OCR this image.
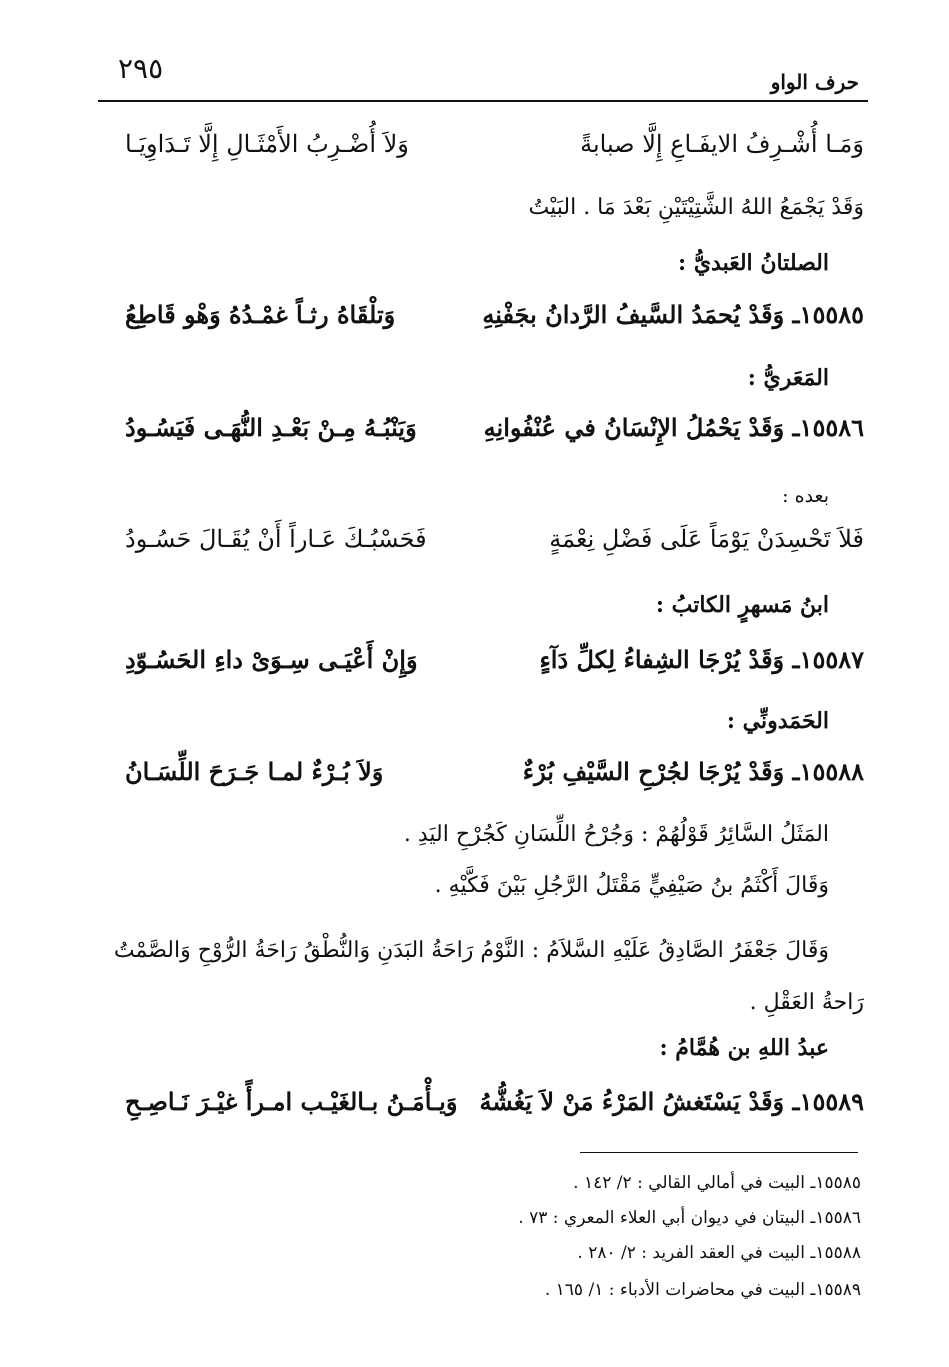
٢٩٥	حرف الواو
وَمَـا أُشْـرِفُ الايفَـاعِ إِلَّا صبابةً
وَلاَ أُضْـرِبُ الأَمْثَـالِ إِلَّا تَـدَاوِيَـا
وَقَدْ يَجْمَعُ اللهُ الشَّتِيْتَيْنِ بَعْدَ مَا . البَيْتُ
الصلتانُ العَبديُّ :
١٥٥٨٥ـ وَقَدْ يُحمَدُ السَّيفُ الرَّدانُ بجَفْنِهِ
وَتلْقَاهُ رثـاً غمْـدُهُ وَهْو قَاطِعُ
المَعَريُّ :
١٥٥٨٦ـ وَقَدْ يَحْمُلُ الإِنْسَانُ في عُنْفُوانِهِ
وَيَنْبُـهُ مِـنْ بَعْـدِ النُّهَـى فَيَسُـودُ
بعده :
فَلاَ تَحْسِدَنْ يَوْمَاً عَلَى فَضْلِ نِعْمَةٍ
فَحَسْبُـكَ عَـاراً أَنْ يُقَـالَ حَسُـودُ
ابنُ مَسهرٍ الكاتبُ :
١٥٥٨٧ـ وَقَدْ يُرْجَا الشِفاءُ لِكلِّ دَآءٍ
وَإِنْ أَعْيَـى سِـوَىْ داءِ الحَسُـوّدِ
الحَمَدونِّي :
١٥٥٨٨ـ وَقَدْ يُرْجَا لجُرْحِ السَّيْفِ بُرْءٌ
وَلاَ بُـرْءٌ لمـا جَـرَحَ اللِّسَـانُ
المَثَلُ السَّائِرُ قَوْلُهُمْ : وَجُرْحُ اللِّسَانِ كَجُرْحِ اليَدِ .
وَقَالَ أَكْثَمُ بنُ صَيْفِيٍّ مَقْتَلُ الرَّجُلِ بَيْنَ فَكَّيْهِ .
وَقَالَ جَعْفَرُ الصَّادِقُ عَلَيْهِ السَّلاَمُ : النَّوْمُ رَاحَةُ البَدَنِ وَالنُّطْقُ رَاحَةُ الرُّوْحِ وَالصَّمْتُ رَاحةُ العَقْلِ .
عبدُ اللهِ بن هُمَّامُ :
١٥٥٨٩ـ وَقَدْ يَسْتَغشُ المَرْءُ مَنْ لاَ يَغُشُّهُ
وَيـأْمَـنُ بـالغَيْـب امـرأً غيْـرَ نَـاصِـحِ
١٥٥٨٥ـ البيت في أمالي القالي : ٢/ ١٤٢ .
١٥٥٨٦ـ البيتان في ديوان أبي العلاء المعري : ٧٣ .
١٥٥٨٨ـ البيت في العقد الفريد : ٢/ ٢٨٠ .
١٥٥٨٩ـ البيت في محاضرات الأدباء : ١/ ١٦٥ .
